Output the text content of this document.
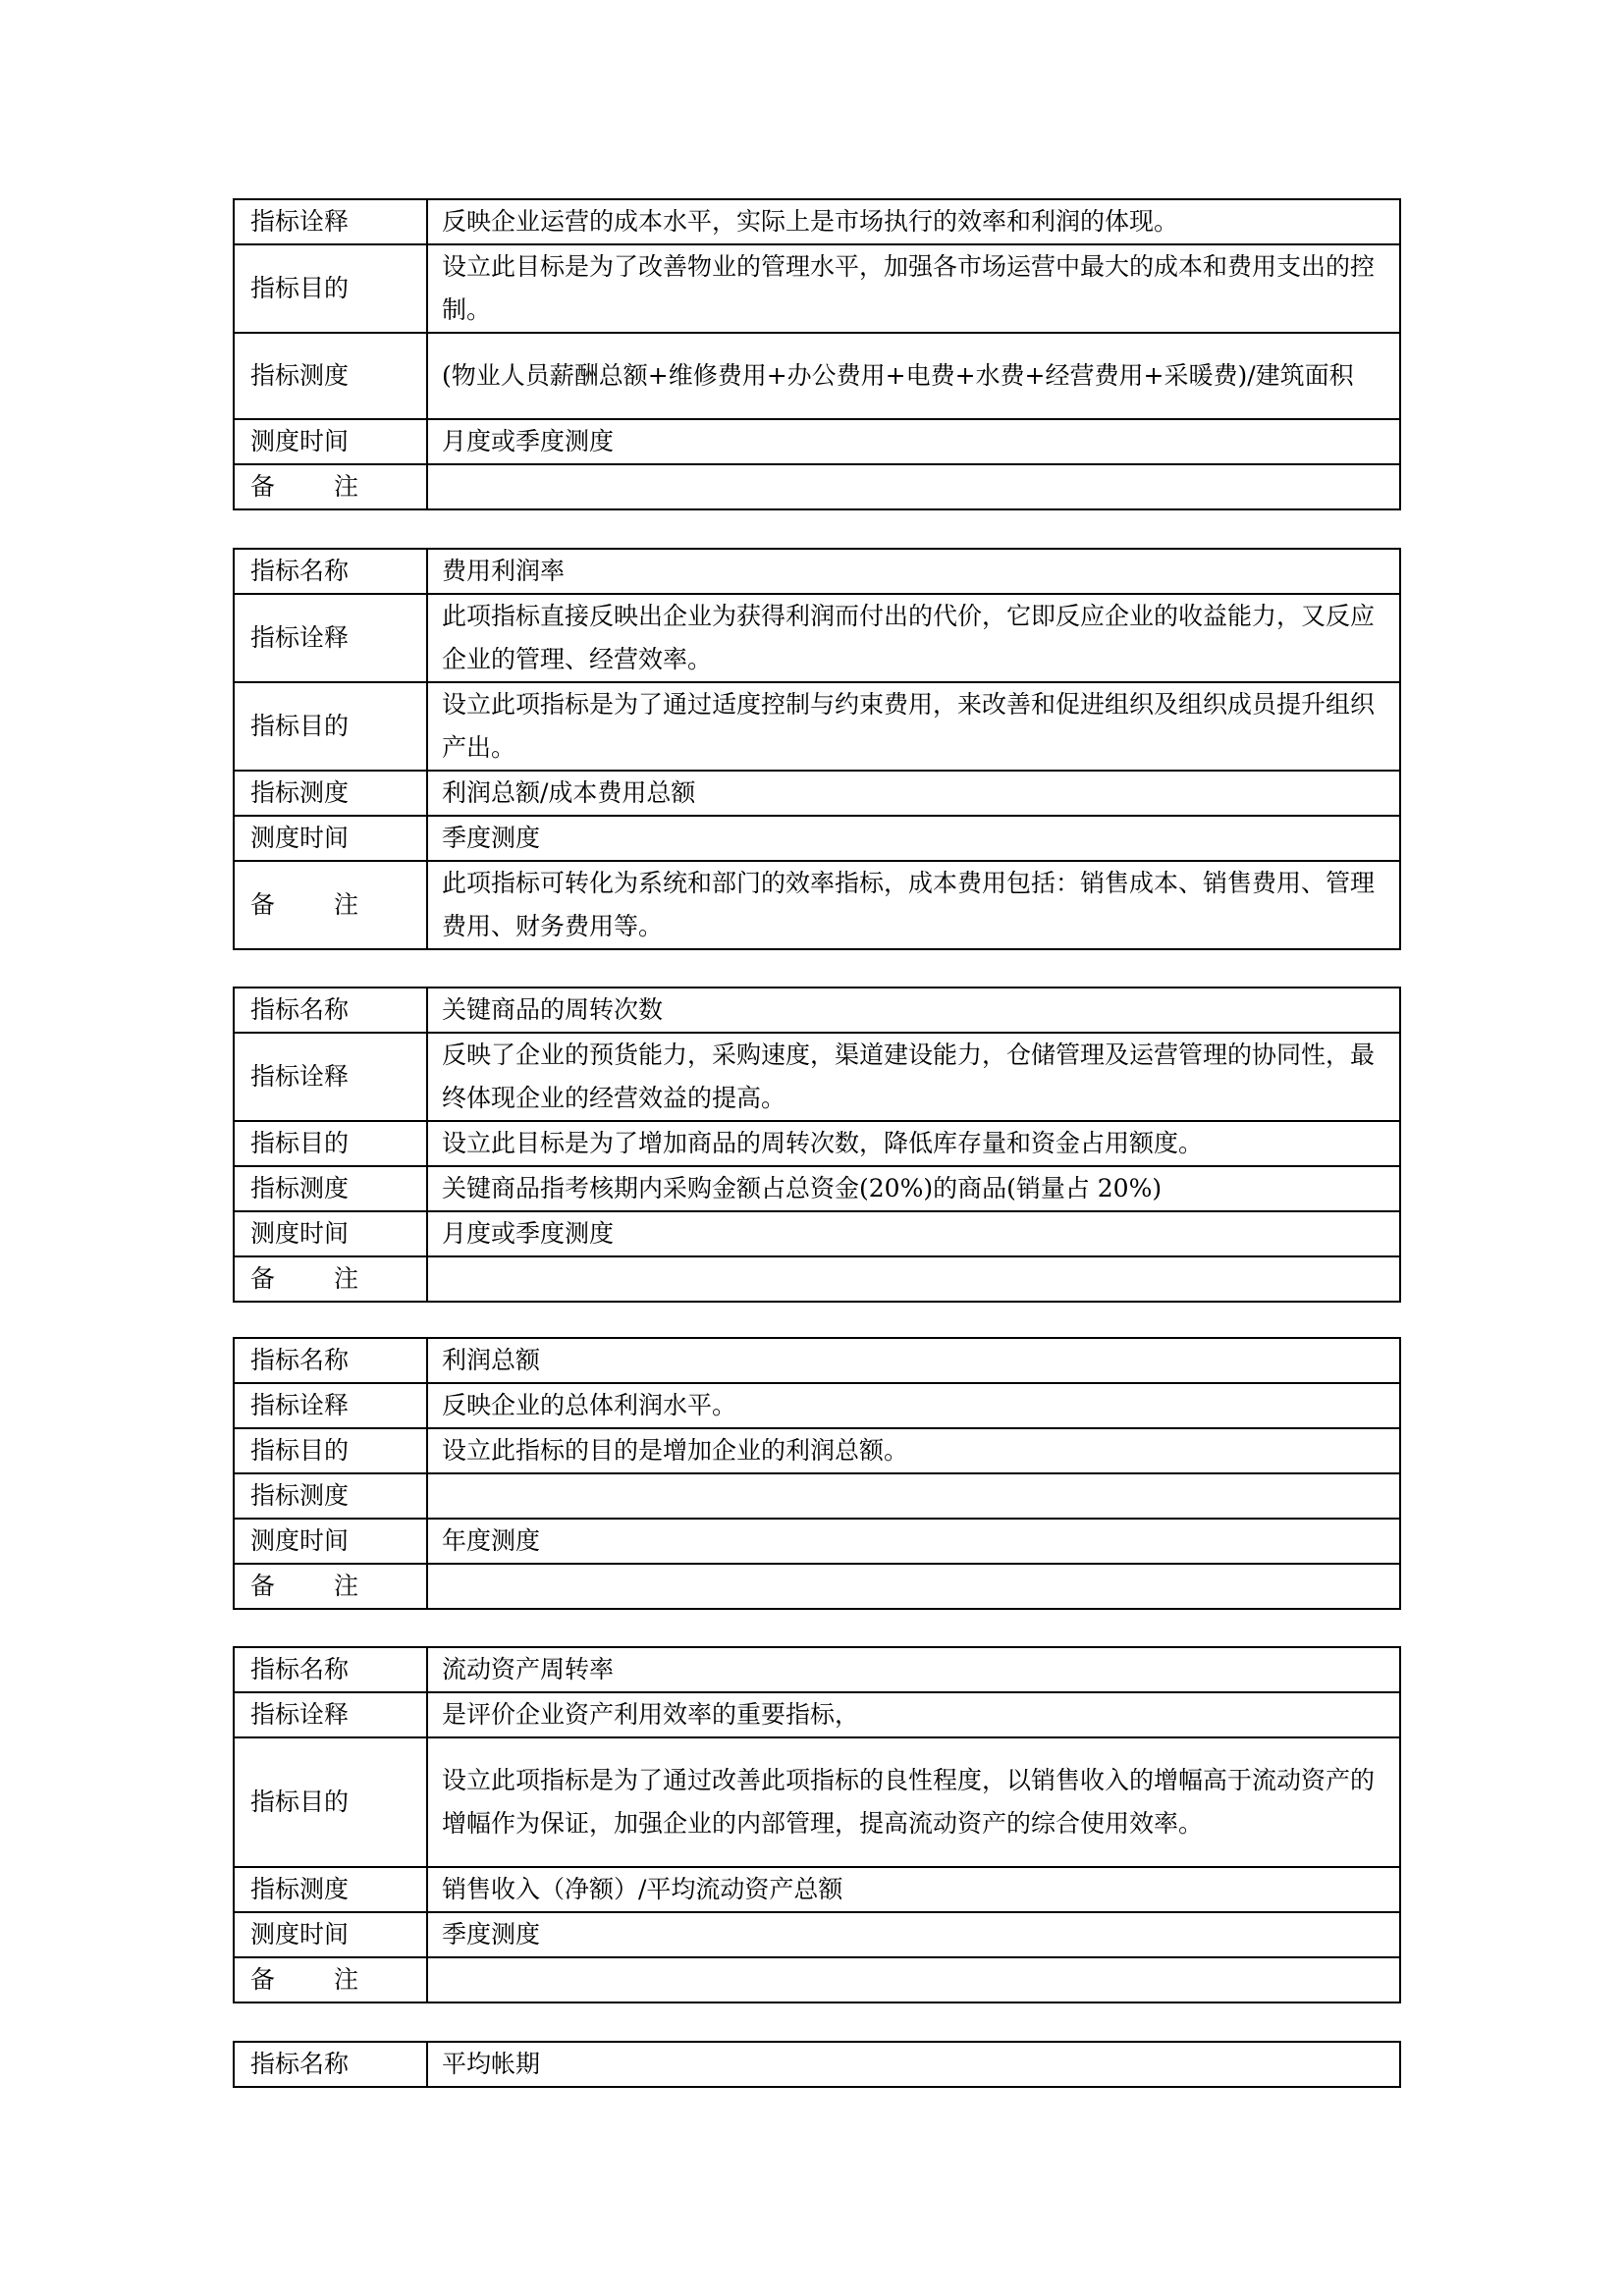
指标诠释	反映企业运营的成本水平，实际上是市场执行的效率和利润的体现。
指标目的	设立此目标是为了改善物业的管理水平，加强各市场运营中最大的成本和费用支出的控制。
指标测度	(物业人员薪酬总额+维修费用+办公费用+电费+水费+经营费用+采暖费)/建筑面积
测度时间	月度或季度测度

备 注	

指标名称	费用利润率
指标诠释	此项指标直接反映出企业为获得利润而付出的代价，它即反应企业的收益能力，又反应企业的管理、经营效率。
指标目的	设立此项指标是为了通过适度控制与约束费用，来改善和促进组织及组织成员提升组织产出。
指标测度	利润总额/成本费用总额
测度时间	季度测度

备 注	此项指标可转化为系统和部门的效率指标，成本费用包括：销售成本、销售费用、管理费用、财务费用等。
指标名称	关键商品的周转次数
指标诠释	反映了企业的预货能力，采购速度，渠道建设能力，仓储管理及运营管理的协同性，最终体现企业的经营效益的提高。
指标目的	设立此目标是为了增加商品的周转次数，降低库存量和资金占用额度。
指标测度	关键商品指考核期内采购金额占总资金(20%)的商品(销量占 20%)
测度时间	月度或季度测度

备 注	

指标名称	利润总额
指标诠释	反映企业的总体利润水平。
指标目的	设立此指标的目的是增加企业的利润总额。
指标测度	
测度时间	年度测度

备 注	

指标名称	流动资产周转率
指标诠释	是评价企业资产利用效率的重要指标，
指标目的	设立此项指标是为了通过改善此项指标的良性程度，以销售收入的增幅高于流动资产的增幅作为保证，加强企业的内部管理，提高流动资产的综合使用效率。
指标测度	销售收入（净额）/平均流动资产总额
测度时间	季度测度

备 注	

指标名称	平均帐期
